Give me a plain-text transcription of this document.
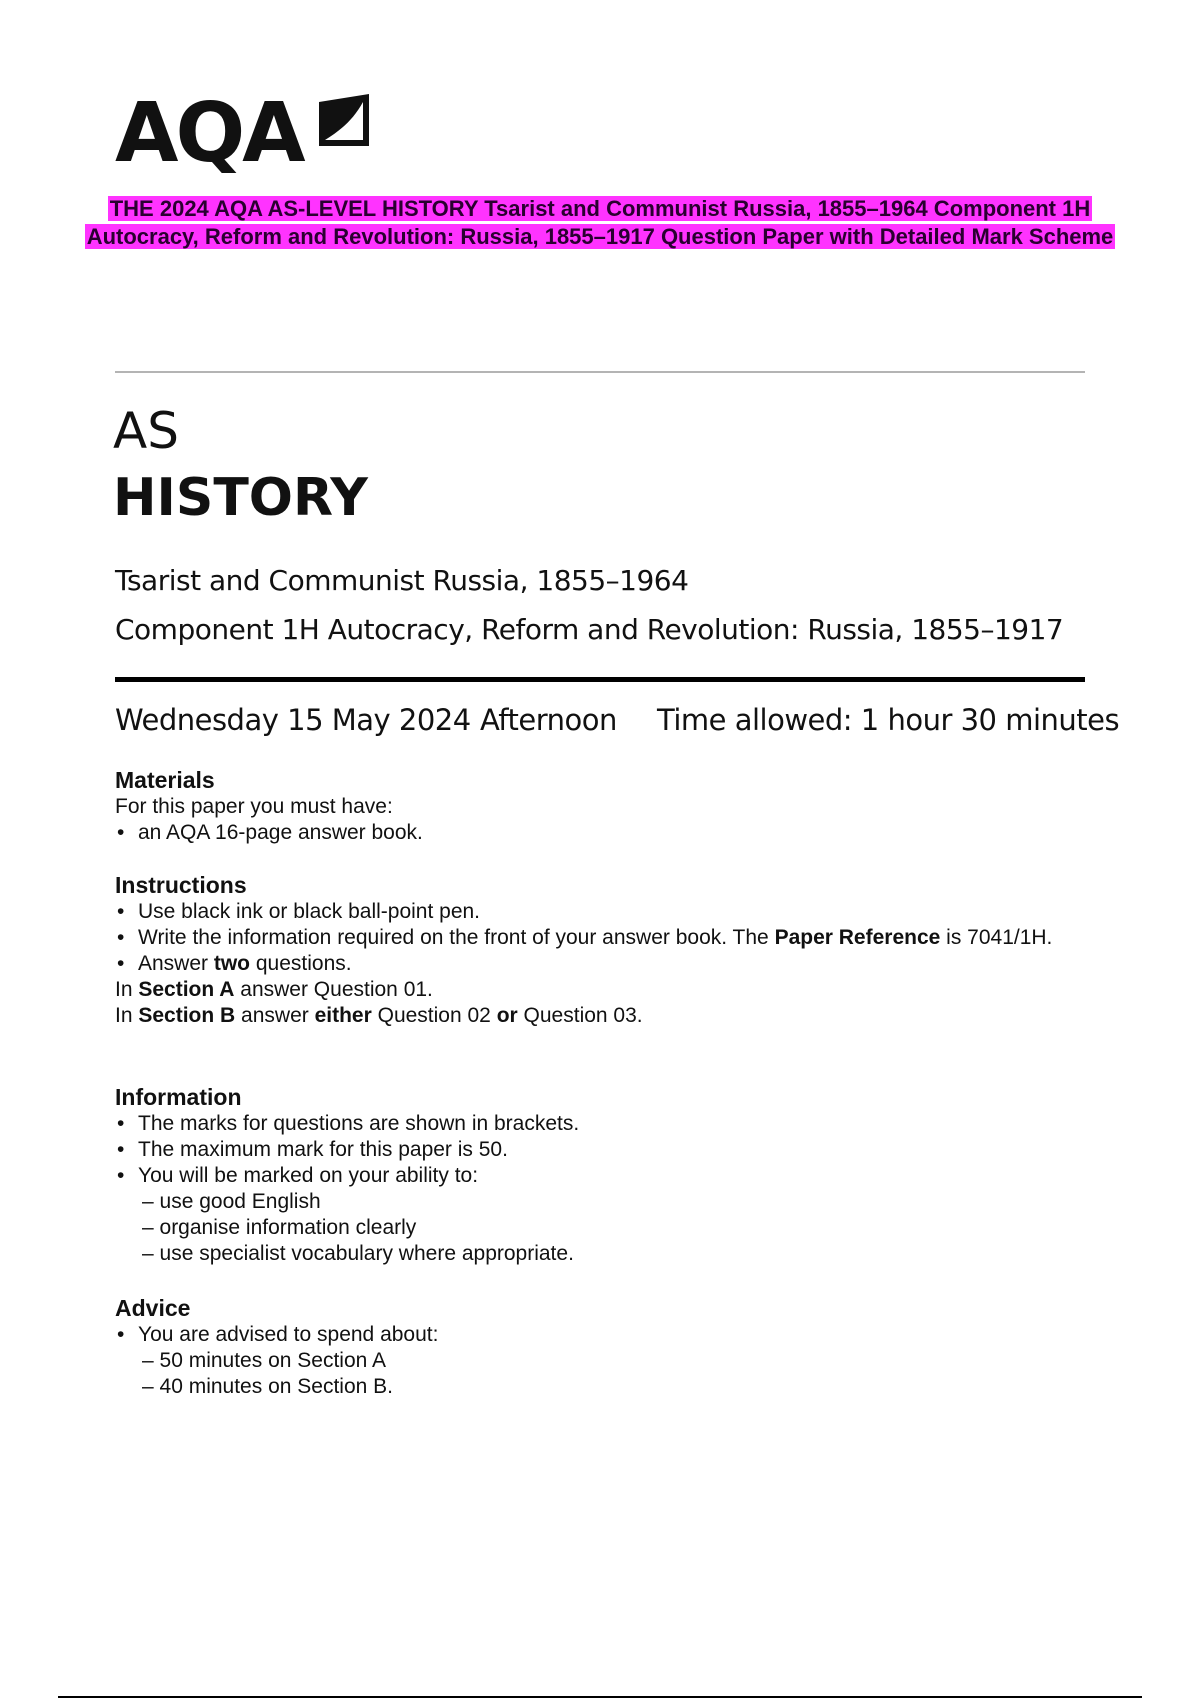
AQA
THE 2024 AQA AS-LEVEL HISTORY Tsarist and Communist Russia, 1855–1964 Component 1H Autocracy, Reform and Revolution: Russia, 1855–1917 Question Paper with Detailed Mark Scheme
AS
HISTORY
Tsarist and Communist Russia, 1855–1964
Component 1H Autocracy, Reform and Revolution: Russia, 1855–1917
Wednesday 15 May 2024 Afternoon Time allowed: 1 hour 30 minutes
Materials

For this paper you must have:

• an AQA 16-page answer book.
Instructions
• Use black ink or black ball-point pen.
• Write the information required on the front of your answer book. The Paper Reference is 7041/1H.
• Answer two questions.
In Section A answer Question 01.
In Section B answer either Question 02 or Question 03.
Information
• The marks for questions are shown in brackets.
• The maximum mark for this paper is 50.
• You will be marked on your ability to:
– use good English
– organise information clearly
– use specialist vocabulary where appropriate.
Advice
• You are advised to spend about:
– 50 minutes on Section A
– 40 minutes on Section B.
